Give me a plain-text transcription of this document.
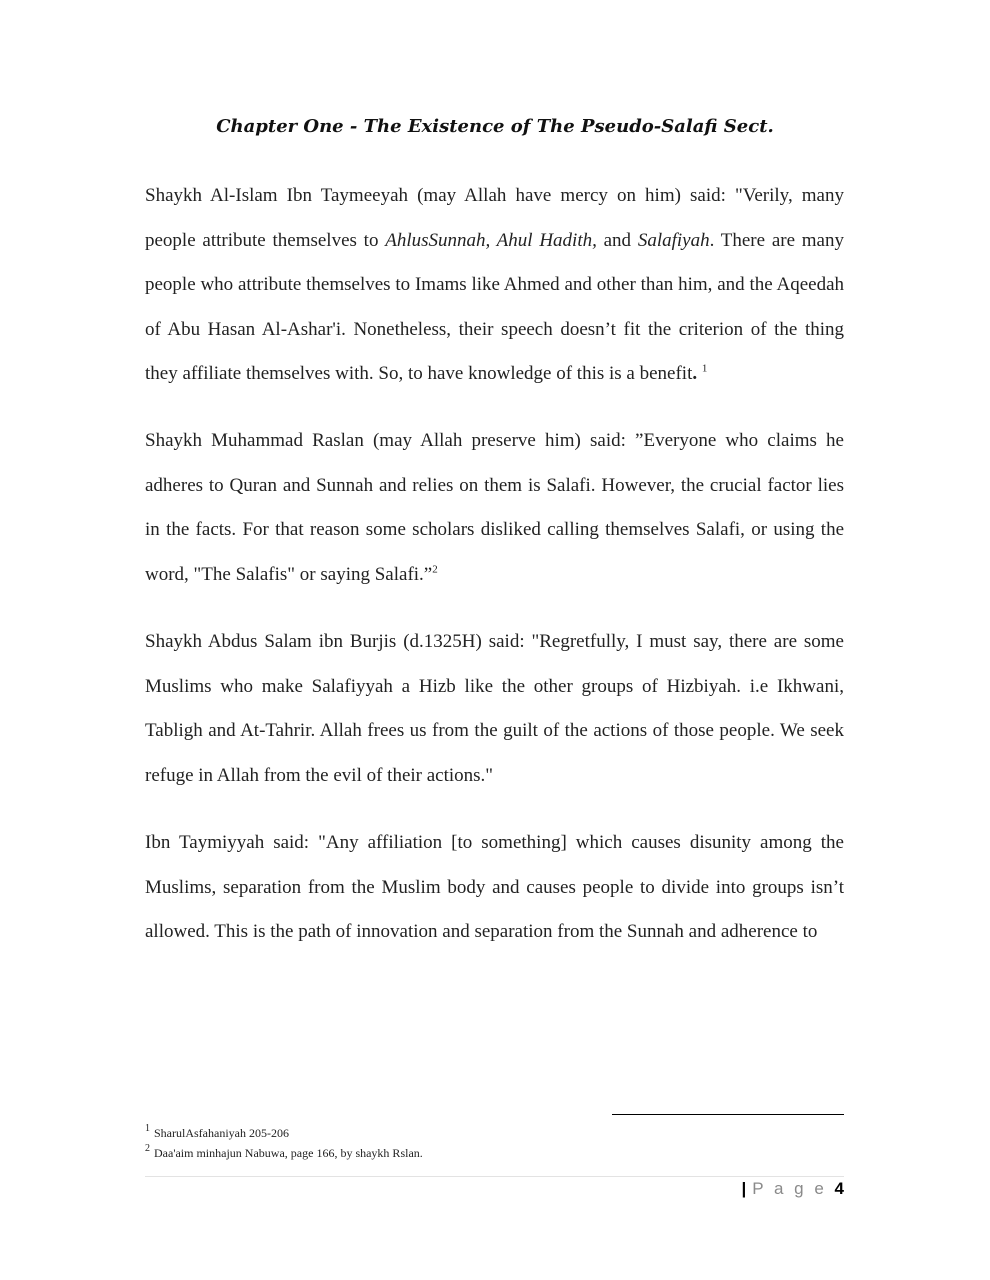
Chapter One - The Existence of The Pseudo-Salafi Sect.

Shaykh Al-Islam Ibn Taymeeyah (may Allah have mercy on him) said: "Verily, many people attribute themselves to AhlusSunnah, Ahul Hadith, and Salafiyah. There are many people who attribute themselves to Imams like Ahmed and other than him, and the Aqeedah of Abu Hasan Al-Ashar'i. Nonetheless, their speech doesn’t fit the criterion of the thing they affiliate themselves with. So, to have knowledge of this is a benefit. $^1$

Shaykh Muhammad Raslan (may Allah preserve him) said: ”Everyone who claims he adheres to Quran and Sunnah and relies on them is Salafi. However, the crucial factor lies in the facts. For that reason some scholars disliked calling themselves Salafi, or using the word, "The Salafis" or saying Salafi.”$^2$

Shaykh Abdus Salam ibn Burjis (d.1325H) said: "Regretfully, I must say, there are some Muslims who make Salafiyyah a Hizb like the other groups of Hizbiyah. i.e Ikhwani, Tabligh and At-Tahrir. Allah frees us from the guilt of the actions of those people. We seek refuge in Allah from the evil of their actions."

Ibn Taymiyyah said: "Any affiliation [to something] which causes disunity among the Muslims, separation from the Muslim body and causes people to divide into groups isn’t allowed. This is the path of innovation and separation from the Sunnah and adherence to

$^1$ SharulAsfahaniyah 205-206
$^2$ Daa'aim minhajun Nabuwa, page 166, by shaykh Rslan.
| P a g e 4
